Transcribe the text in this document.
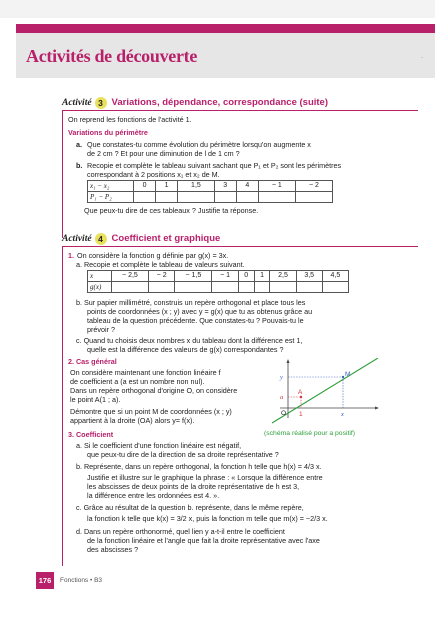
Activités de découverte	·
Activité 3 Variations, dépendance, correspondance (suite)
On reprend les fonctions de l'activité 1.
Variations du périmètre
a. Que constates-tu comme évolution du périmètre lorsqu'on augmente x
de 2 cm ? Et pour une diminution de l de 1 cm ?
b. Recopie et complète le tableau suivant sachant que P₁ et P₂ sont les périmètres
correspondant à 2 positions x₁ et x₂ de M.
x₁ − x₂	0	1	1,5	3	4	− 1	− 2
P₁ − P₂							
Que peux-tu dire de ces tableaux ? Justifie ta réponse.
Activité 4 Coefficient et graphique
1. On considère la fonction g définie par g(x) = 3x.
a. Recopie et complète le tableau de valeurs suivant.
x	− 2,5	− 2	− 1,5	− 1	0	1	2,5	3,5	4,5
g(x)									
b. Sur papier millimétré, construis un repère orthogonal et place tous les
points de coordonnées (x ; y) avec y = g(x) que tu as obtenus grâce au
tableau de la question précédente. Que constates-tu ? Pouvais-tu le
prévoir ?
c. Quand tu choisis deux nombres x du tableau dont la différence est 1,
quelle est la différence des valeurs de g(x) correspondantes ?
2. Cas général
On considère maintenant une fonction linéaire f
de coefficient a (a est un nombre non nul).
Dans un repère orthogonal d'origine O, on considère
le point A(1 ; a).
Démontre que si un point M de coordonnées (x ; y)
appartient à la droite (OA) alors y= f(x).
y
a
O 1	x
A
M
(schéma réalisé pour a positif)
3. Coefficient
a. Si le coefficient d'une fonction linéaire est négatif,
que peux-tu dire de la direction de sa droite représentative ?
b. Représente, dans un repère orthogonal, la fonction h telle que h(x) = 4/3 x.
Justifie et illustre sur le graphique la phrase : « Lorsque la différence entre
les abscisses de deux points de la droite représentative de h est 3,
la différence entre les ordonnées est 4. ».
c. Grâce au résultat de la question b. représente, dans le même repère,
la fonction k telle que k(x) = 3/2 x, puis la fonction m telle que m(x) = −2/3 x.
d. Dans un repère orthonormé, quel lien y a-t-il entre le coefficient
de la fonction linéaire et l'angle que fait la droite représentative avec l'axe
des abscisses ?
176	Fonctions • B3
